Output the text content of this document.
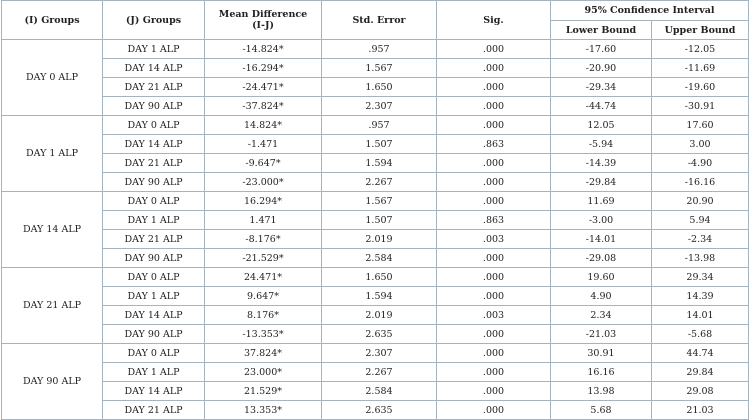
(I) Groups	(J) Groups	Mean Difference
(I-J)	Std. Error	Sig.	95% Confidence Interval	
					Lower Bound	Upper Bound
DAY 0 ALP	DAY 1 ALP	-14.824*	.957	.000	-17.60	-12.05
	DAY 14 ALP	-16.294*	1.567	.000	-20.90	-11.69
	DAY 21 ALP	-24.471*	1.650	.000	-29.34	-19.60
	DAY 90 ALP	-37.824*	2.307	.000	-44.74	-30.91
DAY 1 ALP	DAY 0 ALP	14.824*	.957	.000	12.05	17.60
	DAY 14 ALP	-1.471	1.507	.863	-5.94	3.00
	DAY 21 ALP	-9.647*	1.594	.000	-14.39	-4.90
	DAY 90 ALP	-23.000*	2.267	.000	-29.84	-16.16
DAY 14 ALP	DAY 0 ALP	16.294*	1.567	.000	11.69	20.90
	DAY 1 ALP	1.471	1.507	.863	-3.00	5.94
	DAY 21 ALP	-8.176*	2.019	.003	-14.01	-2.34
	DAY 90 ALP	-21.529*	2.584	.000	-29.08	-13.98
DAY 21 ALP	DAY 0 ALP	24.471*	1.650	.000	19.60	29.34
	DAY 1 ALP	9.647*	1.594	.000	4.90	14.39
	DAY 14 ALP	8.176*	2.019	.003	2.34	14.01
	DAY 90 ALP	-13.353*	2.635	.000	-21.03	-5.68
DAY 90 ALP	DAY 0 ALP	37.824*	2.307	.000	30.91	44.74
	DAY 1 ALP	23.000*	2.267	.000	16.16	29.84
	DAY 14 ALP	21.529*	2.584	.000	13.98	29.08
	DAY 21 ALP	13.353*	2.635	.000	5.68	21.03
